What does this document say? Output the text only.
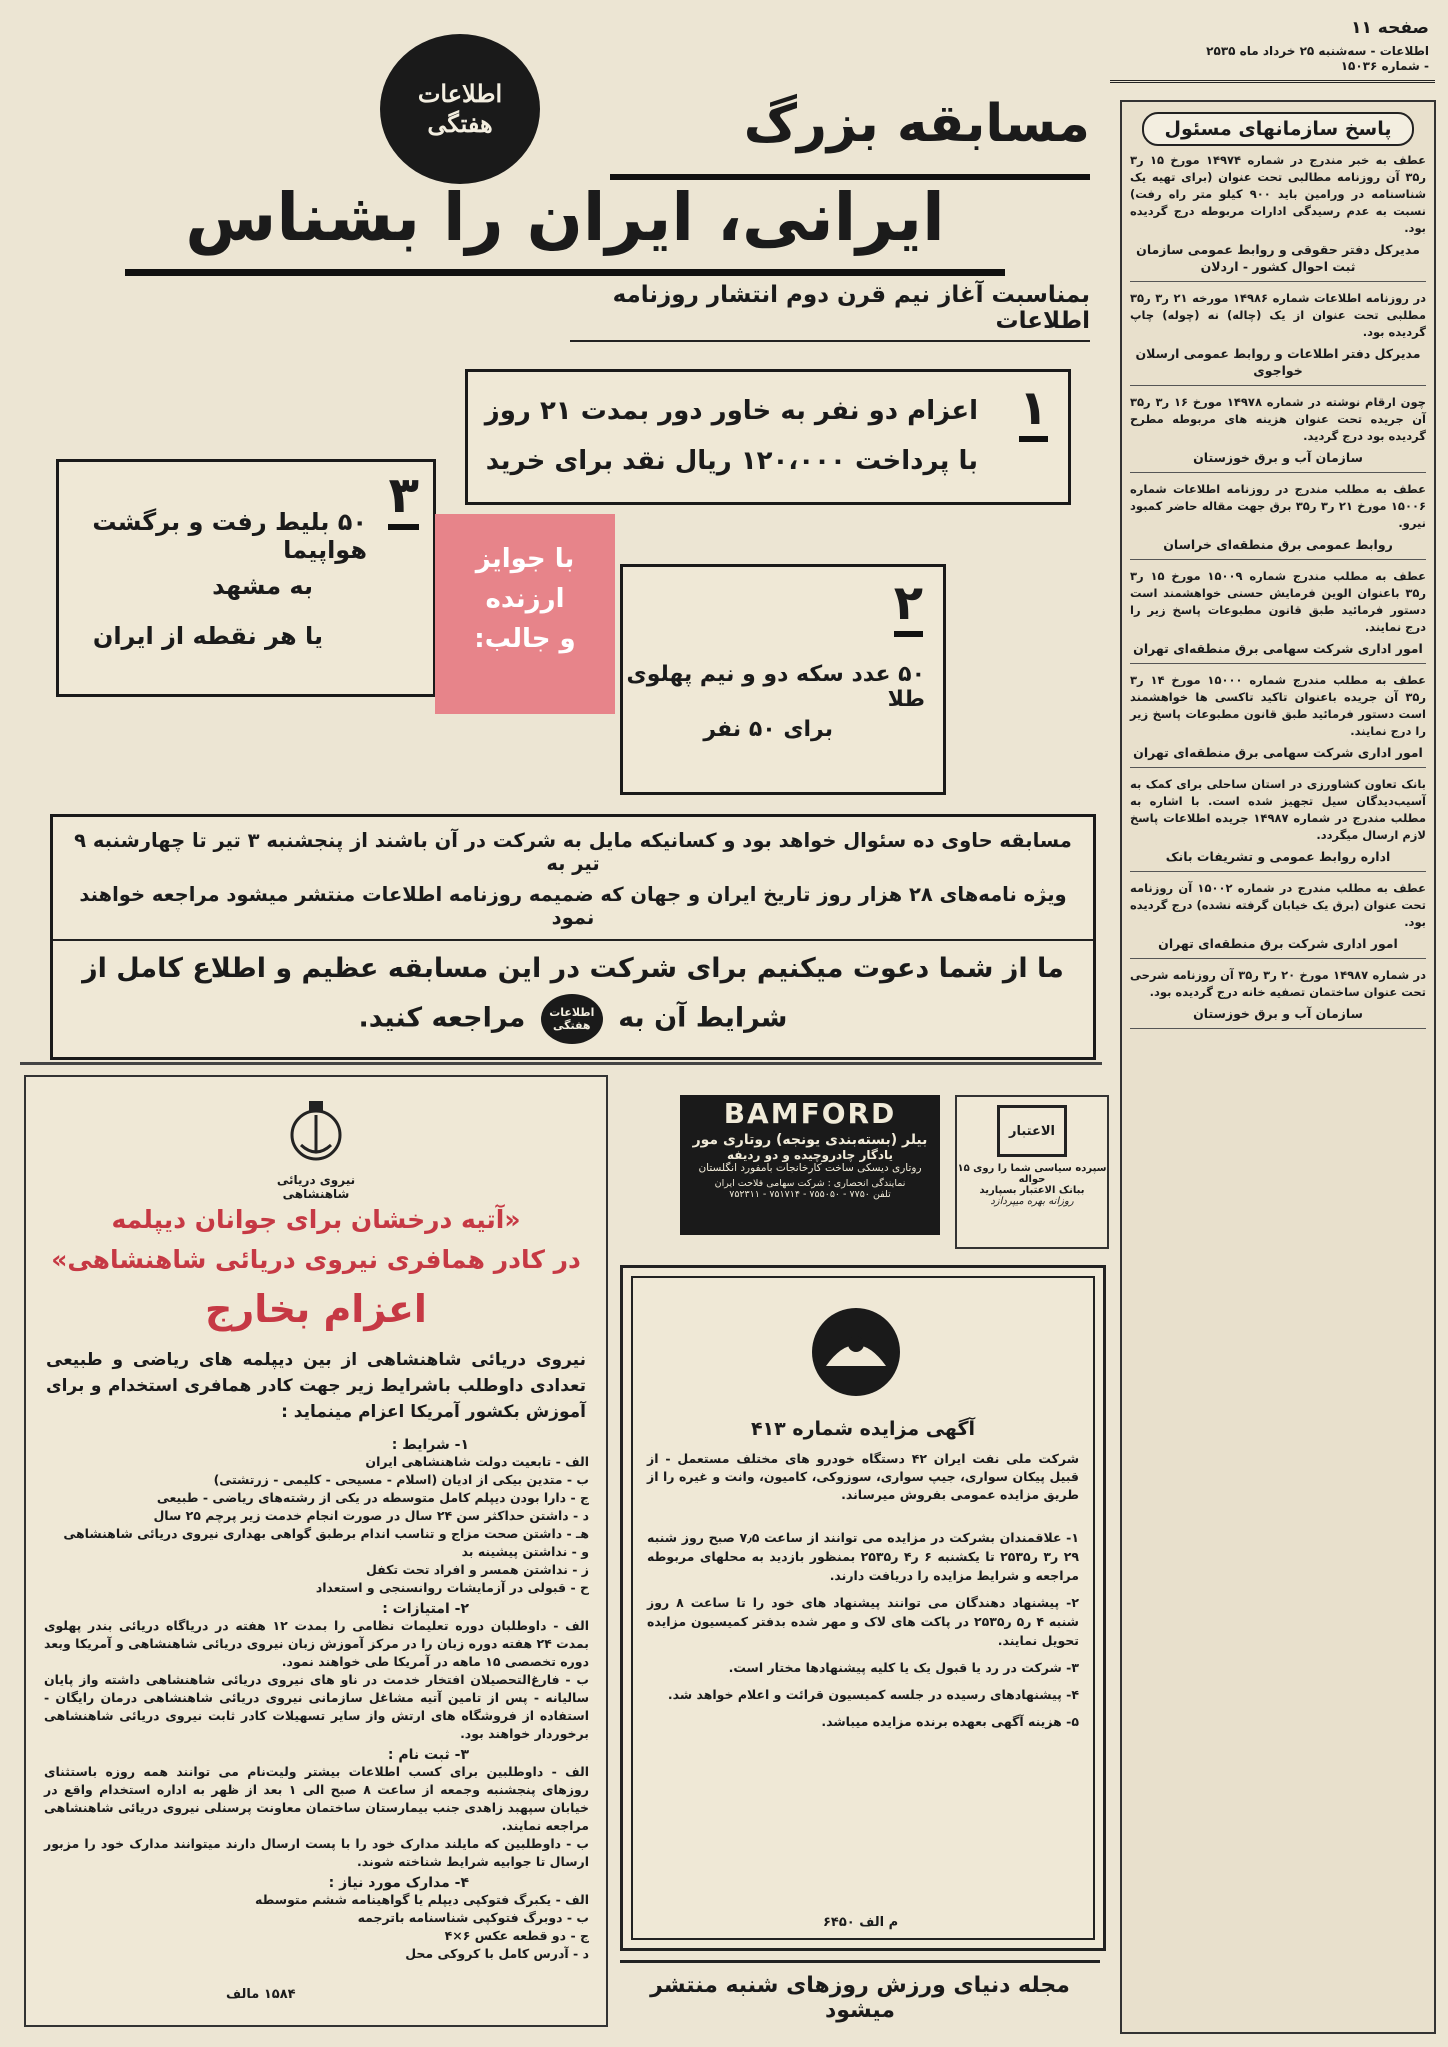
صفحه ۱۱
اطلاعات - سه‌شنبه ۲۵ خرداد ماه ۲۵۳۵ - شماره ۱۵۰۳۶
پاسخ سازمانهای مسئول
عطف به خبر مندرج در شماره ۱۴۹۷۴ مورخ ۱۵ ر۳ ر۳۵ آن روزنامه مطالبی تحت عنوان (برای تهیه یک شناسنامه در ورامین باید ۹۰۰ کیلو متر راه رفت) نسبت به عدم رسیدگی ادارات مربوطه درج گردیده بود.
مدیرکل دفتر حقوقی و روابط عمومی سازمان ثبت احوال کشور - اردلان
در روزنامه اطلاعات شماره ۱۴۹۸۶ مورخه ۲۱ ر۳ ر۳۵ مطلبی تحت عنوان از یک (چاله) نه (چوله) چاپ گردیده بود.
مدیرکل دفتر اطلاعات و روابط عمومی ارسلان خواجوی
چون ارقام نوشته در شماره ۱۴۹۷۸ مورخ ۱۶ ر۳ ر۳۵ آن جریده تحت عنوان هزینه های مربوطه مطرح گردیده بود درج گردید.
سازمان آب و برق خوزستان
عطف به مطلب مندرج در روزنامه اطلاعات شماره ۱۵۰۰۶ مورخ ۲۱ ر۳ ر۳۵ برق جهت مقاله حاضر کمبود نیرو.
روابط عمومی برق منطقه‌ای خراسان
عطف به مطلب مندرج شماره ۱۵۰۰۹ مورخ ۱۵ ر۳ ر۳۵ باعنوان الوین فرمایش حسنی خواهشمند است دستور فرمائید طبق قانون مطبوعات پاسخ زیر را درج نمایند.
امور اداری شرکت سهامی برق منطقه‌ای تهران
عطف به مطلب مندرج شماره ۱۵۰۰۰ مورخ ۱۴ ر۳ ر۳۵ آن جریده باعنوان تاکید تاکسی ها خواهشمند است دستور فرمائید طبق قانون مطبوعات پاسخ زیر را درج نمایند.
امور اداری شرکت سهامی برق منطقه‌ای تهران
بانک تعاون کشاورزی در استان ساحلی برای کمک به آسیب‌دیدگان سیل تجهیز شده است. با اشاره به مطلب مندرج در شماره ۱۴۹۸۷ جریده اطلاعات پاسخ لازم ارسال میگردد.
اداره روابط عمومی و تشریفات بانک
عطف به مطلب مندرج در شماره ۱۵۰۰۲ آن روزنامه تحت عنوان (برق یک خیابان گرفته نشده) درج گردیده بود.
امور اداری شرکت برق منطقه‌ای تهران
در شماره ۱۴۹۸۷ مورخ ۲۰ ر۳ ر۳۵ آن روزنامه شرحی تحت عنوان ساختمان تصفیه خانه درج گردیده بود.
سازمان آب و برق خوزستان
اطلاعات هفتگی	مسابقه بزرگ
ایرانی، ایران را بشناس
بمناسبت آغاز نیم قرن دوم انتشار روزنامه اطلاعات
۱
اعزام دو نفر به خاور دور بمدت ۲۱ روز
با پرداخت ۱۲۰،۰۰۰ ریال نقد برای خرید
۳
۵۰ بلیط رفت و برگشت هواپیما
به مشهد
یا هر نقطه از ایران
با جوایز
ارزنده
و جالب:
۲
۵۰ عدد سکه دو و نیم پهلوی طلا
برای ۵۰ نفر
مسابقه حاوی ده سئوال خواهد بود و کسانیکه مایل به شرکت در آن باشند از پنجشنبه ۳ تیر تا چهارشنبه ۹ تیر به
ویژه نامه‌های ۲۸ هزار روز تاریخ ایران و جهان که ضمیمه روزنامه اطلاعات منتشر میشود مراجعه خواهند نمود
ما از شما دعوت میکنیم برای شرکت در این مسابقه عظیم و اطلاع کامل از
شرایط آن به
اطلاعات هفتگی
مراجعه کنید.
نیروی دریائی شاهنشاهی
«آتیه درخشان برای جوانان دیپلمه
در کادر همافری نیروی دریائی شاهنشاهی»
اعزام بخارج
نیروی دریائی شاهنشاهی از بین دیپلمه های ریاضی و طبیعی تعدادی داوطلب باشرایط زیر جهت کادر همافری استخدام و برای آموزش بکشور آمریکا اعزام مینماید :
۱- شرایط :
الف - تابعیت دولت شاهنشاهی ایران
ب - متدین بیکی از ادیان (اسلام - مسیحی - کلیمی - زرتشتی)
ج - دارا بودن دیپلم کامل متوسطه در یکی از رشته‌های ریاضی - طبیعی
د - داشتن حداکثر سن ۲۴ سال در صورت انجام خدمت زیر پرچم ۲۵ سال
هـ - داشتن صحت مزاج و تناسب اندام برطبق گواهی بهداری نیروی دریائی شاهنشاهی
و - نداشتن پیشینه بد
ز - نداشتن همسر و افراد تحت تکفل
ح - قبولی در آزمایشات روانسنجی و استعداد
۲- امتیازات :
الف - داوطلبان دوره تعلیمات نظامی را بمدت ۱۲ هفته در دریاگاه دریائی بندر پهلوی بمدت ۲۴ هفته دوره زبان را در مرکز آموزش زبان نیروی دریائی شاهنشاهی و آمریکا وبعد دوره تخصصی ۱۵ ماهه در آمریکا طی خواهند نمود.
ب - فارغ‌التحصیلان افتخار خدمت در ناو های نیروی دریائی شاهنشاهی داشته واز پایان سالیانه - پس از تامین آتیه مشاغل سازمانی نیروی دریائی شاهنشاهی درمان رایگان - استفاده از فروشگاه های ارتش واز سایر تسهیلات کادر ثابت نیروی دریائی شاهنشاهی برخوردار خواهند بود.
۳- ثبت نام :
الف - داوطلبین برای کسب اطلاعات بیشتر ولیت‌نام می توانند همه روزه باستثنای روزهای پنجشنبه وجمعه از ساعت ۸ صبح الی ۱ بعد از ظهر به اداره استخدام واقع در خیابان سپهبد زاهدی جنب بیمارستان ساختمان معاونت پرسنلی نیروی دریائی شاهنشاهی مراجعه نمایند.
ب - داوطلبین که مایلند مدارک خود را با پست ارسال دارند میتوانند مدارک خود را مزبور ارسال تا جوابیه شرایط شناخته شوند.
۴- مدارک مورد نیاز :
الف - یکبرگ فتوکپی دیپلم یا گواهینامه ششم متوسطه
ب - دوبرگ فتوکپی شناسنامه باترجمه
ج - دو قطعه عکس ۶×۴
د - آدرس کامل با کروکی محل
۱۵۸۴ مالف
BAMFORD
بیلر (بسته‌بندی یونجه) روتاری مور
یادگار چادروچیده و دو ردیفه
روتاری دیسکی ساخت کارخانجات بامفورد انگلستان
نمایندگی انحصاری : شرکت سهامی فلاحت ایران
تلفن ۷۷۵۰ - ۷۵۵۰۵۰ - ۷۵۱۷۱۴ - ۷۵۲۳۱۱
الاعتبار
سپرده سیاسی شما را روی ۱۵ حواله
ببانک الاعتبار بسپارید
روزانه بهره میپردازد
آگهی مزایده شماره ۴۱۳
شرکت ملی نفت ایران ۴۲ دستگاه خودرو های مختلف مستعمل - از قبیل پیکان سواری، جیپ سواری، سوزوکی، کامیون، وانت و غیره را از طریق مزایده عمومی بفروش میرساند.
۱- علاقمندان بشرکت در مزایده می توانند از ساعت ۷٫۵ صبح روز شنبه ۲۹ ر۳ ر۲۵۳۵ تا یکشنبه ۶ ر۴ ر۲۵۳۵ بمنظور بازدید به محلهای مربوطه مراجعه و شرایط مزایده را دریافت دارند.
۲- پیشنهاد دهندگان می توانند پیشنهاد های خود را تا ساعت ۸ روز شنبه ۴ ر۵ ر۲۵۳۵ در پاکت های لاک و مهر شده بدفتر کمیسیون مزایده تحویل نمایند.
۳- شرکت در رد یا قبول یک یا کلیه پیشنهادها مختار است.
۴- پیشنهادهای رسیده در جلسه کمیسیون قرائت و اعلام خواهد شد.
۵- هزینه آگهی بعهده برنده مزایده میباشد.
م الف ۶۴۵۰
مجله دنیای ورزش روزهای شنبه منتشر میشود
